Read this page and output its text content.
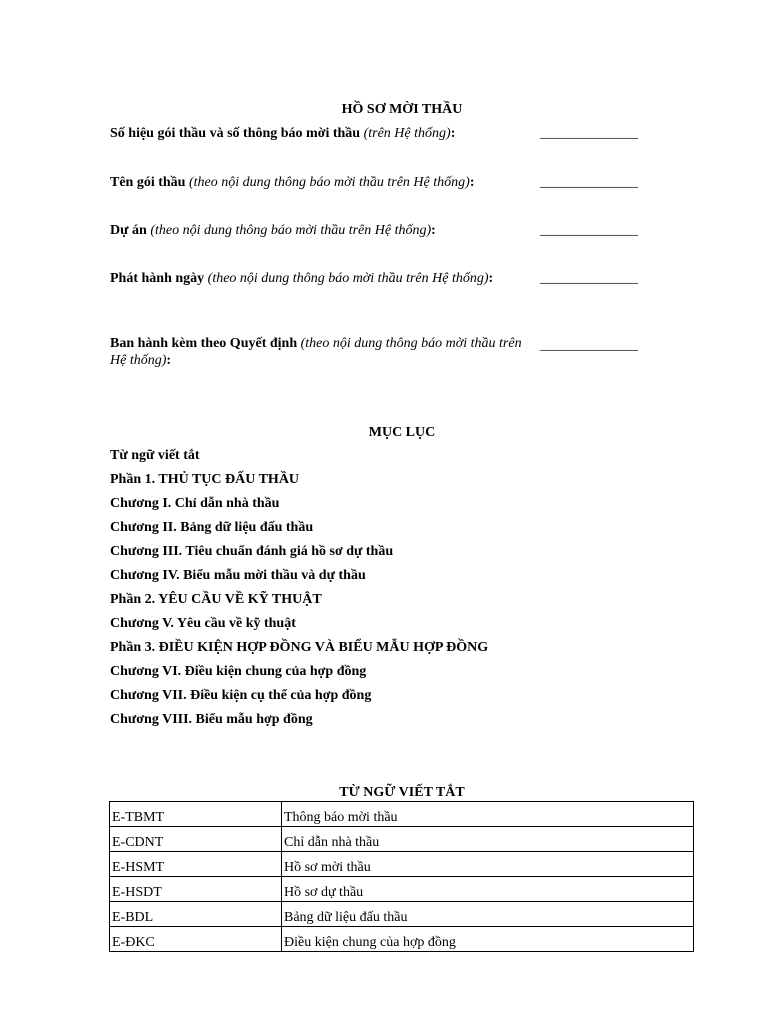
HỒ SƠ MỜI THẦU
Số hiệu gói thầu và số thông báo mời thầu (trên Hệ thống):	______________
Tên gói thầu (theo nội dung thông báo mời thầu trên Hệ thống):	______________
Dự án (theo nội dung thông báo mời thầu trên Hệ thống):	______________
Phát hành ngày (theo nội dung thông báo mời thầu trên Hệ thống):	______________
Ban hành kèm theo Quyết định (theo nội dung thông báo mời thầu trên Hệ thống):
______________
MỤC LỤC
Từ ngữ viết tắt
Phần 1. THỦ TỤC ĐẤU THẦU
Chương I. Chỉ dẫn nhà thầu
Chương II. Bảng dữ liệu đấu thầu
Chương III. Tiêu chuẩn đánh giá hồ sơ dự thầu
Chương IV. Biểu mẫu mời thầu và dự thầu
Phần 2. YÊU CẦU VỀ KỸ THUẬT
Chương V. Yêu cầu về kỹ thuật
Phần 3. ĐIỀU KIỆN HỢP ĐỒNG VÀ BIỂU MẪU HỢP ĐỒNG
Chương VI. Điều kiện chung của hợp đồng
Chương VII. Điều kiện cụ thể của hợp đồng
Chương VIII. Biểu mẫu hợp đồng
TỪ NGỮ VIẾT TẮT
E-TBMT	Thông báo mời thầu
E-CDNT	Chỉ dẫn nhà thầu
E-HSMT	Hồ sơ mời thầu
E-HSDT	Hồ sơ dự thầu
E-BDL	Bảng dữ liệu đấu thầu
E-ĐKC	Điều kiện chung của hợp đồng
